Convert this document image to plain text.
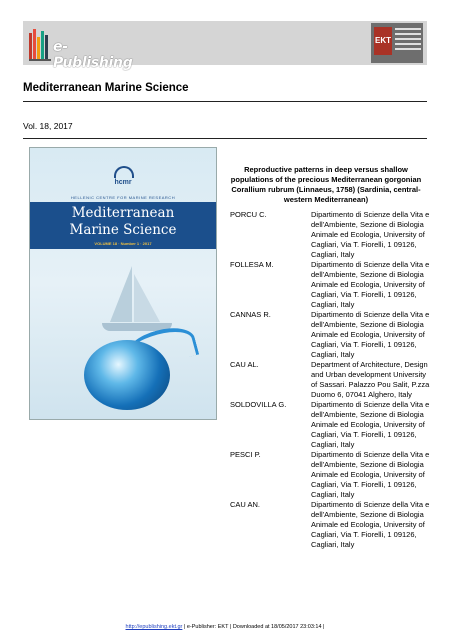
e-Publishing
EKT
Mediterranean Marine Science
Vol. 18, 2017
hcmr
HELLENIC CENTRE FOR MARINE RESEARCH
Mediterranean
Marine Science
VOLUME 18 · Number 1 · 2017
Reproductive patterns in deep versus shallow populations of the precious Mediterranean gorgonian Corallium rubrum (Linnaeus, 1758) (Sardinia, central-western Mediterranean)
PORCU C.	Dipartimento di Scienze della Vita e dell'Ambiente, Sezione di Biologia Animale ed Ecologia, University of Cagliari, Via T. Fiorelli, 1 09126, Cagliari, Italy
FOLLESA M.	Dipartimento di Scienze della Vita e dell'Ambiente, Sezione di Biologia Animale ed Ecologia, University of Cagliari, Via T. Fiorelli, 1 09126, Cagliari, Italy
CANNAS R.	Dipartimento di Scienze della Vita e dell'Ambiente, Sezione di Biologia Animale ed Ecologia, University of Cagliari, Via T. Fiorelli, 1 09126, Cagliari, Italy
CAU AL.	Department of Architecture, Design and Urban development University of Sassari. Palazzo Pou Salit, P.zza Duomo 6, 07041 Alghero, Italy
SOLDOVILLA G.	Dipartimento di Scienze della Vita e dell'Ambiente, Sezione di Biologia Animale ed Ecologia, University of Cagliari, Via T. Fiorelli, 1 09126, Cagliari, Italy
PESCI P.	Dipartimento di Scienze della Vita e dell'Ambiente, Sezione di Biologia Animale ed Ecologia, University of Cagliari, Via T. Fiorelli, 1 09126, Cagliari, Italy
CAU AN.	Dipartimento di Scienze della Vita e dell'Ambiente, Sezione di Biologia Animale ed Ecologia, University of Cagliari, Via T. Fiorelli, 1 09126, Cagliari, Italy
http://epublishing.ekt.gr | e-Publisher: EKT | Downloaded at 18/05/2017 23:03:14 |
